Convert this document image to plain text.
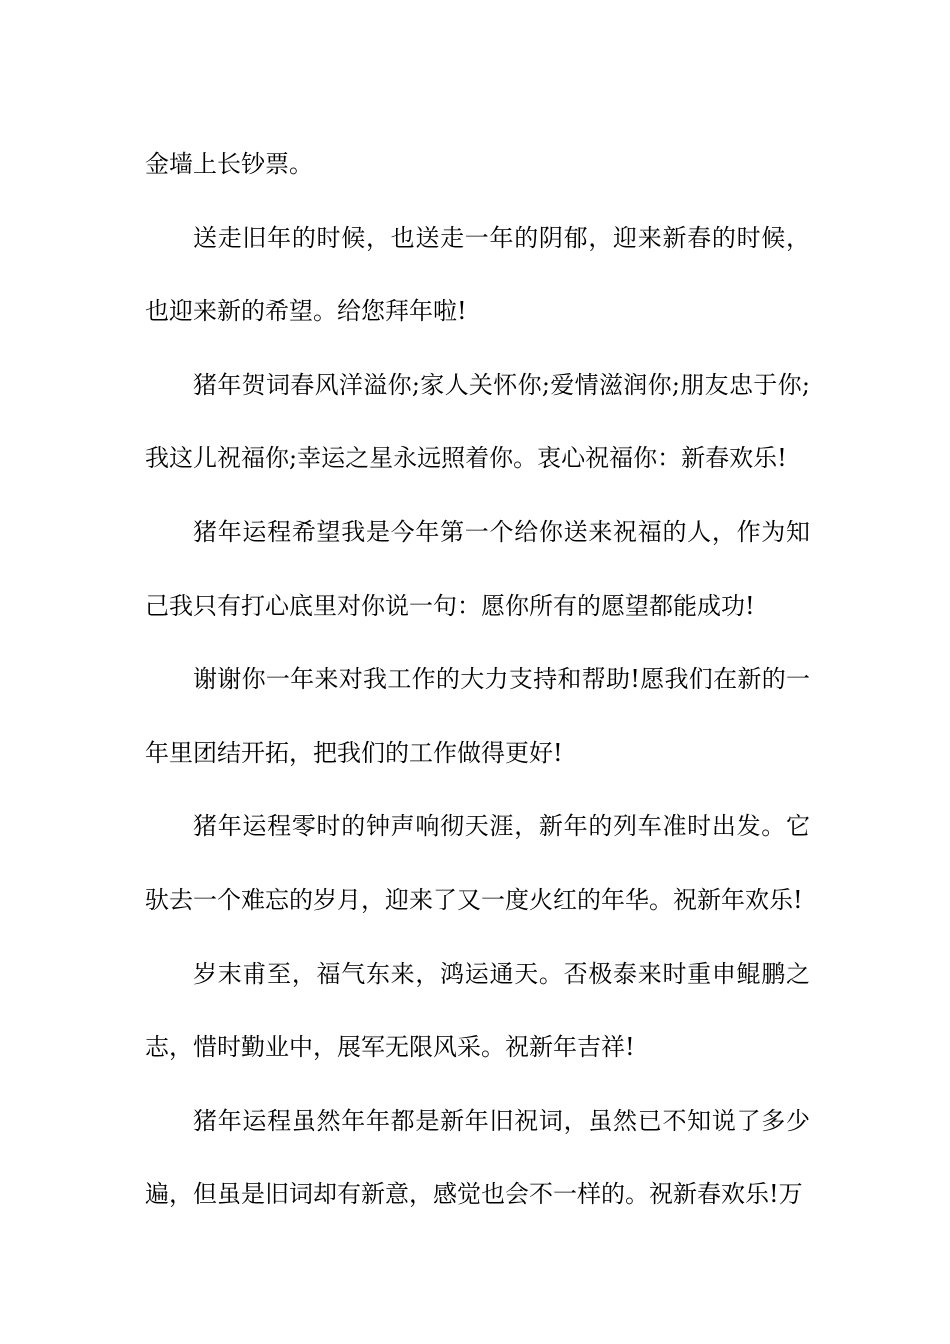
金墙上长钞票。

送走旧年的时候，也送走一年的阴郁，迎来新春的时候，也迎来新的希望。给您拜年啦!

猪年贺词春风洋溢你;家人关怀你;爱情滋润你;朋友忠于你;我这儿祝福你;幸运之星永远照着你。衷心祝福你：新春欢乐!

猪年运程希望我是今年第一个给你送来祝福的人，作为知己我只有打心底里对你说一句：愿你所有的愿望都能成功!

谢谢你一年来对我工作的大力支持和帮助!愿我们在新的一年里团结开拓，把我们的工作做得更好!

猪年运程零时的钟声响彻天涯，新年的列车准时出发。它驮去一个难忘的岁月，迎来了又一度火红的年华。祝新年欢乐!

岁末甫至，福气东来，鸿运通天。否极泰来时重申鲲鹏之志，惜时勤业中，展军无限风采。祝新年吉祥!

猪年运程虽然年年都是新年旧祝词，虽然已不知说了多少遍，但虽是旧词却有新意，感觉也会不一样的。祝新春欢乐!万
